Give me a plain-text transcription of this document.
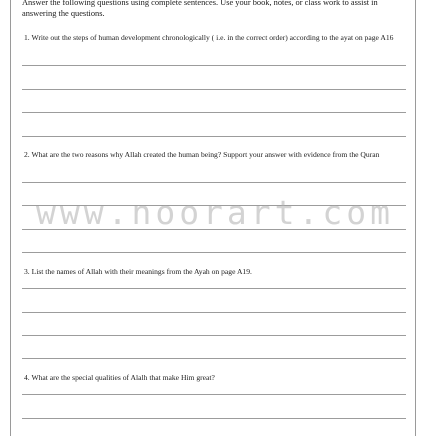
Answer the following questions using complete sentences. Use your book, notes, or class work to assist in answering the questions.

1. Write out the steps of human development chronologically ( i.e. in the correct order) according to the ayat on page A16

2. What are the two reasons why Allah created the human being? Support your answer with evidence from the Quran

3. List the names of Allah with their meanings from the Ayah on page A19.

4. What are the special qualities of Alalh that make Him great?

www.noorart.com
